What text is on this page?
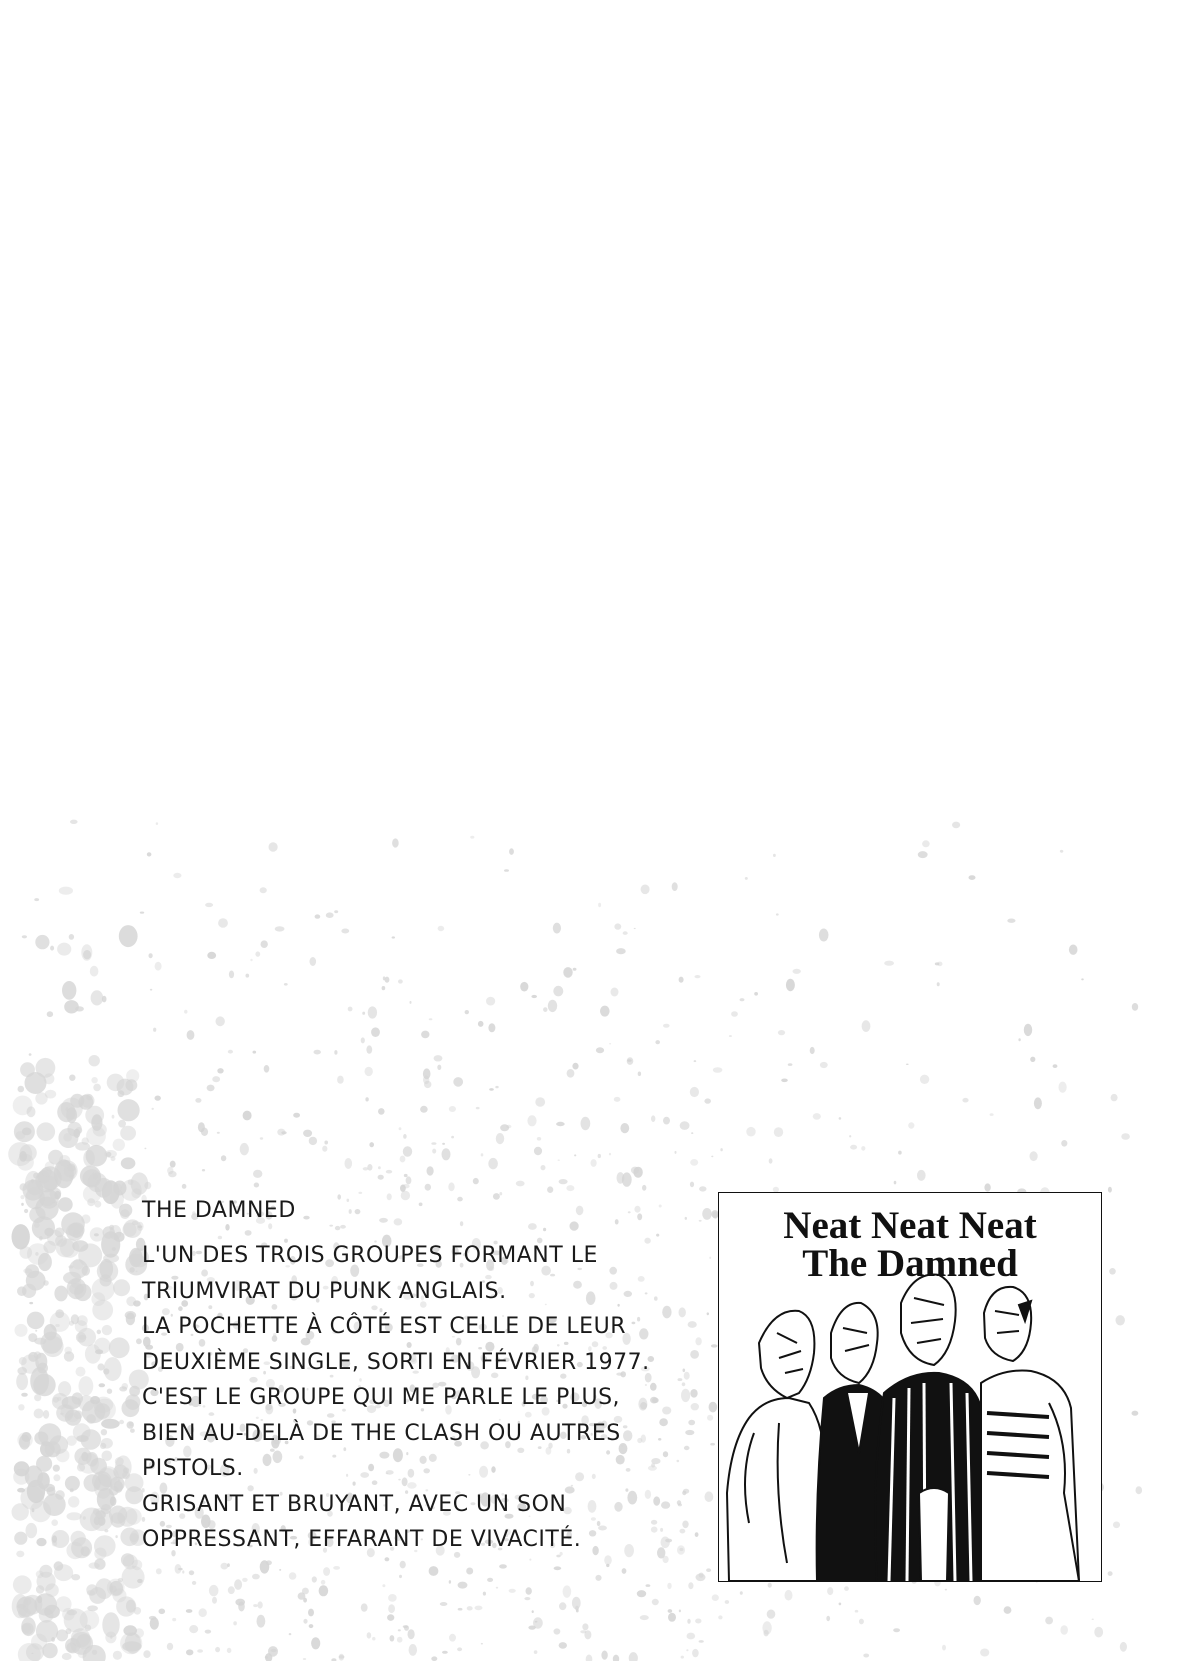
THE DAMNED

L'UN DES TROIS GROUPES FORMANT LE

TRIUMVIRAT DU PUNK ANGLAIS.

LA POCHETTE À CÔTÉ EST CELLE DE LEUR

DEUXIÈME SINGLE, SORTI EN FÉVRIER 1977.

C'EST LE GROUPE QUI ME PARLE LE PLUS,

BIEN AU-DELÀ DE THE CLASH OU AUTRES

PISTOLS.

GRISANT ET BRUYANT, AVEC UN SON

OPPRESSANT, EFFARANT DE VIVACITÉ.

Neat Neat Neat
The Damned
